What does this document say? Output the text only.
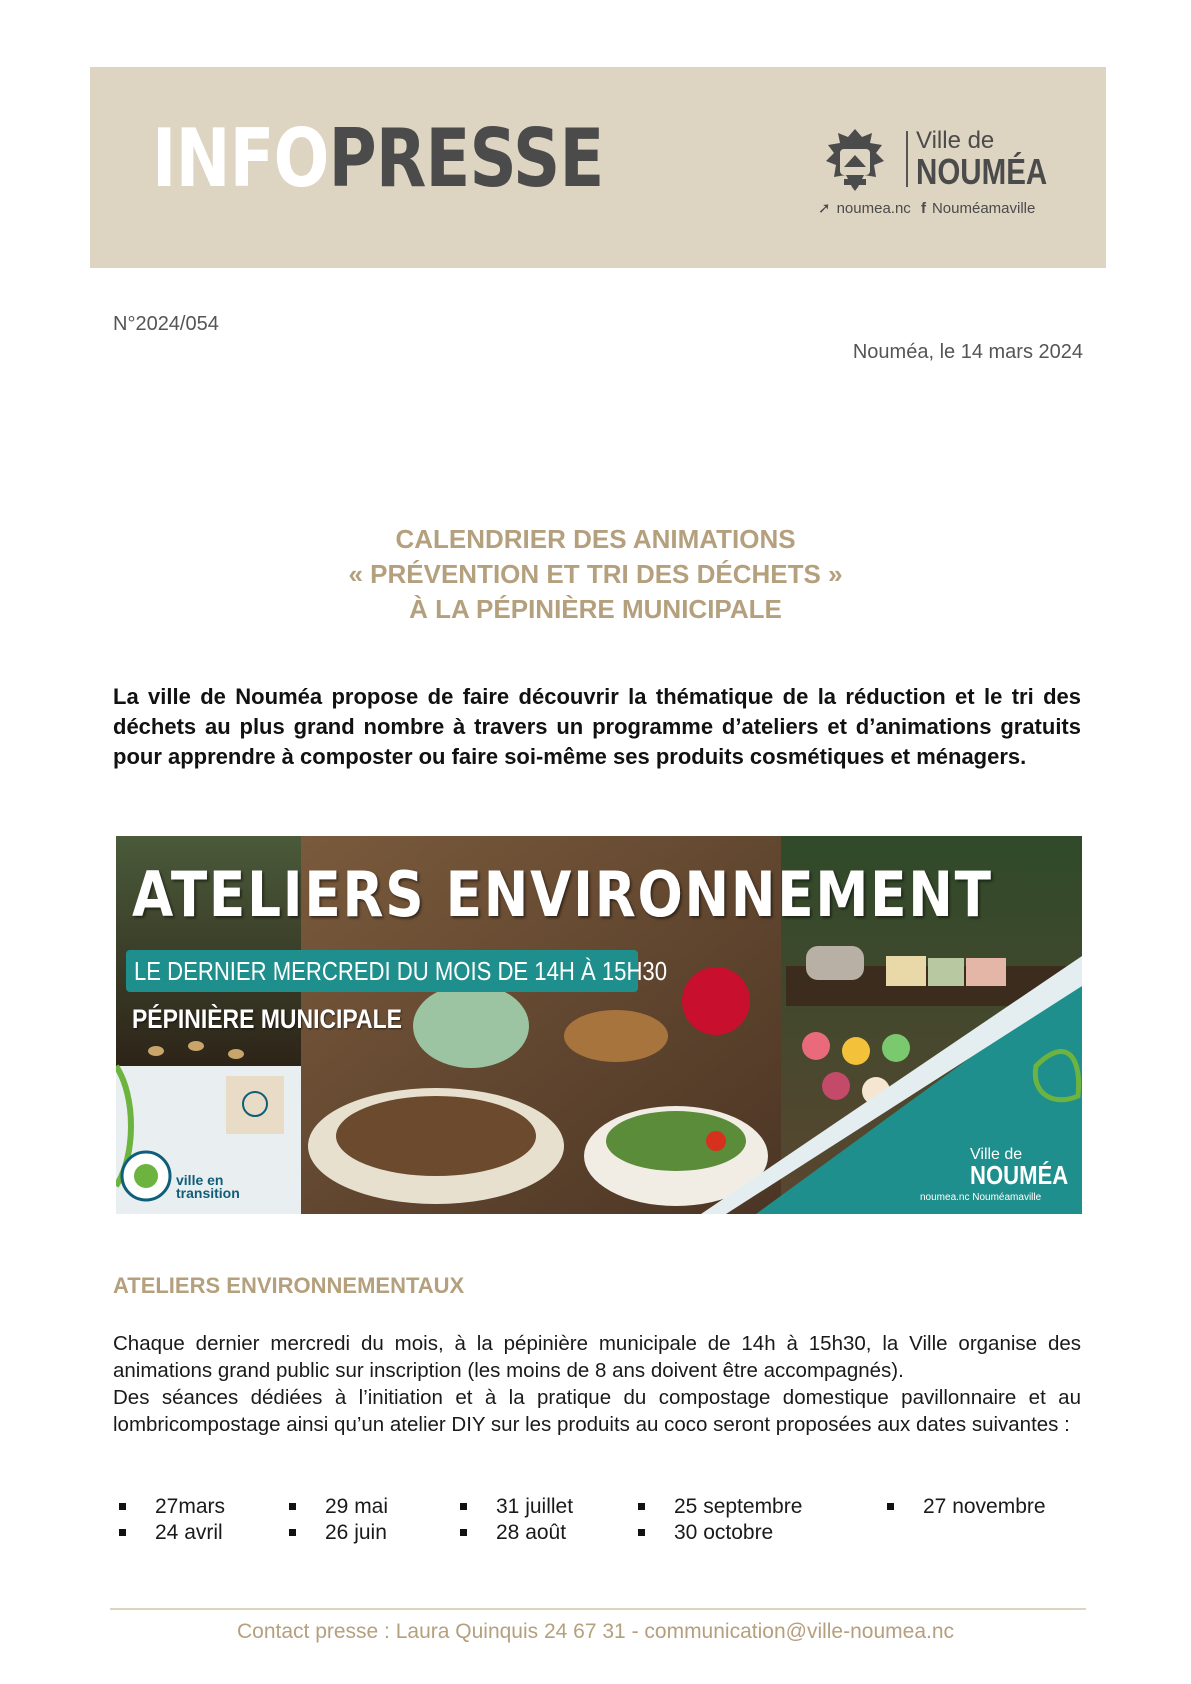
INFOPRESSE	Ville de
NOUMÉA
➚ noumea.nc f Nouméamaville
N°2024/054
Nouméa, le 14 mars 2024
CALENDRIER DES ANIMATIONS
« PRÉVENTION ET TRI DES DÉCHETS »
À LA PÉPINIÈRE MUNICIPALE
La ville de Nouméa propose de faire découvrir la thématique de la réduction et le tri des déchets au plus grand nombre à travers un programme d’ateliers et d’animations gratuits pour apprendre à composter ou faire soi-même ses produits cosmétiques et ménagers.
ATELIERS ENVIRONNEMENT
LE DERNIER MERCREDI DU MOIS DE 14H À 15H30
PÉPINIÈRE MUNICIPALE
ville en
transition
Ville de
NOUMÉA
noumea.nc Nouméamaville
ATELIERS ENVIRONNEMENTAUX

Chaque dernier mercredi du mois, à la pépinière municipale de 14h à 15h30, la Ville organise des animations grand public sur inscription (les moins de 8 ans doivent être accompagnés).

Des séances dédiées à l’initiation et à la pratique du compostage domestique pavillonnaire et au lombricompostage ainsi qu’un atelier DIY sur les produits au coco seront proposées aux dates suivantes :

27mars
24 avril
29 mai
26 juin
31 juillet
28 août
25 septembre
30 octobre
27 novembre
Contact presse : Laura Quinquis 24 67 31 - communication@ville-noumea.nc
